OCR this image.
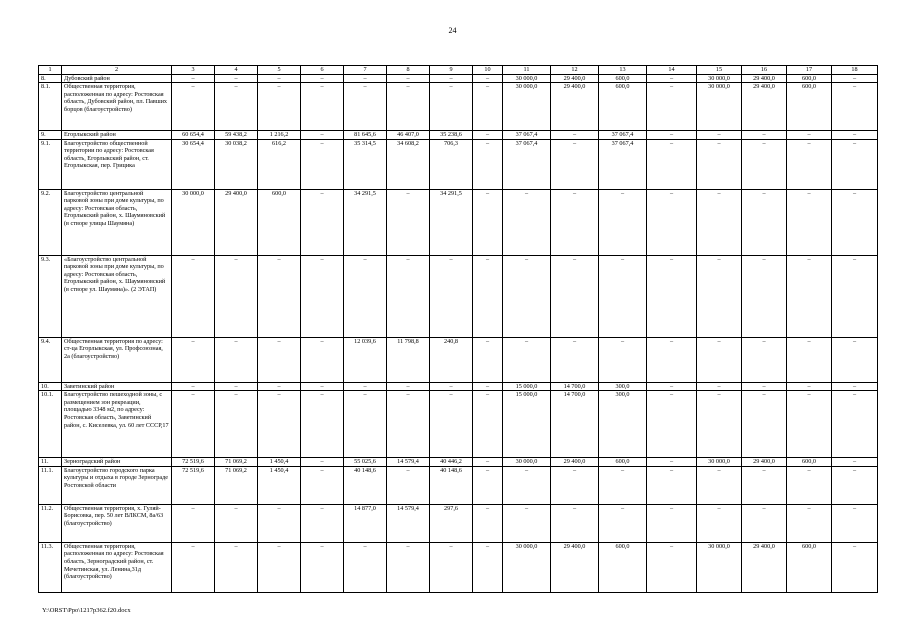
24
1	2	3	4	5	6	7	8	9	10	11	12	13	14	15	16	17	18
8.	Дубовский район	–	–	–	–	–	–	–	–	30 000,0	29 400,0	600,0	–	30 000,0	29 400,0	600,0	–
8.1.	Общественная территория, расположенная по адресу: Ростовская область, Дубовский район, пл. Павших борцов (благоустройство)	–	–	–	–	–	–	–	–	30 000,0	29 400,0	600,0	–	30 000,0	29 400,0	600,0	–
9.	Егорлыкский район	60 654,4	59 438,2	1 216,2	–	81 645,6	46 407,0	35 238,6	–	37 067,4	–	37 067,4	–	–	–	–	–
9.1.	Благоустройство общественной территории по адресу: Ростовская область, Егорлыкский район, ст. Егорлыкская, пер. Грицика	30 654,4	30 038,2	616,2	–	35 314,5	34 608,2	706,3	–	37 067,4	–	37 067,4	–	–	–	–	–
9.2.	Благоустройство центральной парковой зоны при доме культуры, по адресу: Ростовская область, Егорлыкский район, х. Шаумяновский (в створе улицы Шаумяна)	30 000,0	29 400,0	600,0	–	34 291,5	–	34 291,5	–	–	–	–	–	–	–	–	–
9.3.	«Благоустройство центральной парковой зоны при доме культуры, по адресу: Ростовская область, Егорлыкский район, х. Шаумяновский (в створе ул. Шаумяна)». (2 ЭТАП)	–	–	–	–	–	–	–	–	–	–	–	–	–	–	–	–
9.4.	Общественная территория по адресу: ст-ца Егорлыкская, ул. Профсоюзная, 2а (благоустройство)	–	–	–	–	12 039,6	11 798,8	240,8	–	–	–	–	–	–	–	–	–
10.	Заветинский район	–	–	–	–	–	–	–	–	15 000,0	14 700,0	300,0	–	–	–	–	–
10.1.	Благоустройство пешеходной зоны, с размещением зон рекреации, площадью 3348 м2, по адресу: Ростовская область, Заветинский район, с. Киселевка, ул. 60 лет СССР,17	–	–	–	–	–	–	–	–	15 000,0	14 700,0	300,0	–	–	–	–	–
11.	Зерноградский район	72 519,6	71 069,2	1 450,4	–	55 025,6	14 579,4	40 446,2	–	30 000,0	29 400,0	600,0	–	30 000,0	29 400,0	600,0	–
11.1.	Благоустройство городского парка культуры и отдыха в городе Зернограде Ростовской области	72 519,6	71 069,2	1 450,4	–	40 148,6	–	40 148,6	–	–	–	–	–	–	–	–	–
11.2.	Общественная территория, х. Гуляй-Борисовка, пер. 50 лет ВЛКСМ, 8а/63 (благоустройство)	–	–	–	–	14 877,0	14 579,4	297,6	–	–	–	–	–	–	–	–	–
11.3.	Общественная территория, расположенная по адресу: Ростовская область, Зерноградский район, ст. Мечетинская, ул. Ленина,31д (благоустройство)	–	–	–	–	–	–	–	–	30 000,0	29 400,0	600,0	–	30 000,0	29 400,0	600,0	–
Y:\ORST\Ppo\1217p362.f20.docx
